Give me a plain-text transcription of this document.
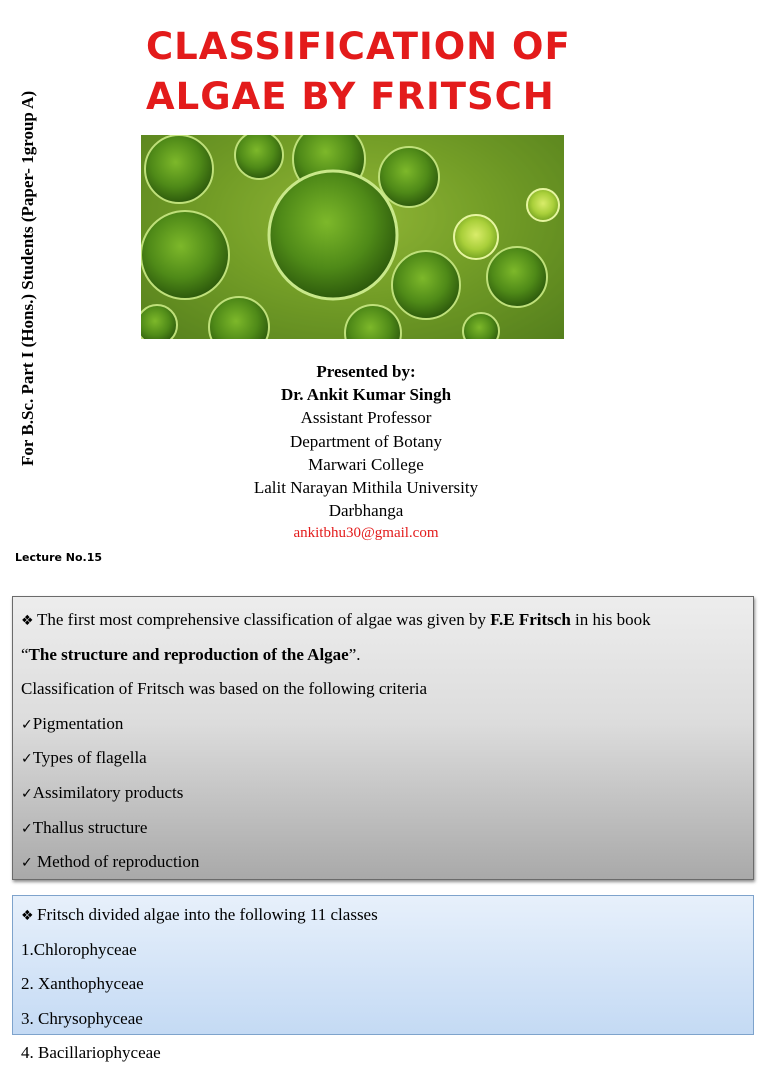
For B.Sc. Part I (Hons.) Students (Paper- 1group A)
CLASSIFICATION OF
ALGAE BY FRITSCH
Presented by:
Dr. Ankit Kumar Singh
Assistant Professor
Department of Botany
Marwari College
Lalit Narayan Mithila University
Darbhanga
ankitbhu30@gmail.com
Lecture No.15
❖ The first most comprehensive classification of algae was given by F.E Fritsch in his book
“The structure and reproduction of the Algae”.
Classification of Fritsch was based on the following criteria
✓Pigmentation
✓Types of flagella
✓Assimilatory products
✓Thallus structure
✓ Method of reproduction
❖ Fritsch divided algae into the following 11 classes
1.Chlorophyceae
2. Xanthophyceae
3. Chrysophyceae
4. Bacillariophyceae
